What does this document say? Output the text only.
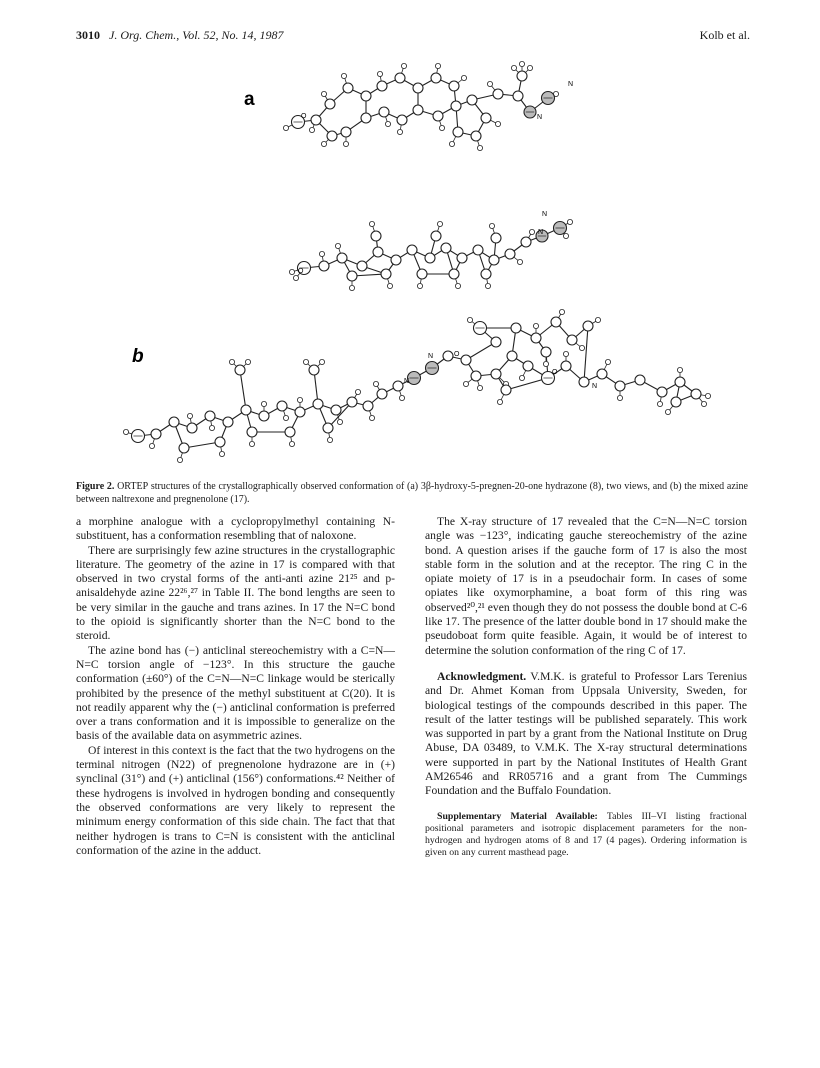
3010 J. Org. Chem., Vol. 52, No. 14, 1987	Kolb et al.
a
b
O	N
N
O
N
N
N
N
N
O
O
Figure 2. ORTEP structures of the crystallographically observed conformation of (a) 3β-hydroxy-5-pregnen-20-one hydrazone (8), two views, and (b) the mixed azine between naltrexone and pregnenolone (17).

a morphine analogue with a cyclopropylmethyl containing N-substituent, has a conformation resembling that of naloxone.

There are surprisingly few azine structures in the crystallographic literature. The geometry of the azine in 17 is compared with that observed in two crystal forms of the anti-anti azine 21²⁵ and p-anisaldehyde azine 22²⁶,²⁷ in Table II. The bond lengths are seen to be very similar in the gauche and trans azines. In 17 the N=C bond to the opioid is significantly shorter than the N=C bond to the steroid.

The azine bond has (−) anticlinal stereochemistry with a C=N—N=C torsion angle of −123°. In this structure the gauche conformation (±60°) of the C=N—N=C linkage would be sterically prohibited by the presence of the methyl substituent at C(20). It is not readily apparent why the (−) anticlinal conformation is preferred over a trans conformation and it is impossible to generalize on the basis of the available data on asymmetric azines.

Of interest in this context is the fact that the two hydrogens on the terminal nitrogen (N22) of pregnenolone hydrazone are in (+) synclinal (31°) and (+) anticlinal (156°) conformations.⁴² Neither of these hydrogens is involved in hydrogen bonding and consequently the observed conformations are very likely to represent the minimum energy conformation of this side chain. The fact that that neither hydrogen is trans to C=N is consistent with the anticlinal conformation of the azine in the adduct.

The X-ray structure of 17 revealed that the C=N—N=C torsion angle was −123°, indicating gauche stereochemistry of the azine bond. A question arises if the gauche form of 17 is also the most stable form in the solution and at the receptor. The ring C in the opiate moiety of 17 is in a pseudochair form. In cases of some opiates like oxymorphamine, a boat form of this ring was observed²⁰,²¹ even though they do not possess the double bond at C-6 like 17. The presence of the latter double bond in 17 should make the pseudoboat form quite feasible. Again, it would be of interest to determine the solution conformation of the ring C of 17.

Acknowledgment. V.M.K. is grateful to Professor Lars Terenius and Dr. Ahmet Koman from Uppsala University, Sweden, for biological testings of the compounds described in this paper. The result of the latter testings will be published separately. This work was supported in part by a grant from the National Institute on Drug Abuse, DA 03489, to V.M.K. The X-ray structural determinations were supported in part by the National Institutes of Health Grant AM26546 and RR05716 and a grant from The Cummings Foundation and the Buffalo Foundation.

Supplementary Material Available: Tables III–VI listing fractional positional parameters and isotropic displacement parameters for the non-hydrogen and hydrogen atoms of 8 and 17 (4 pages). Ordering information is given on any current masthead page.
